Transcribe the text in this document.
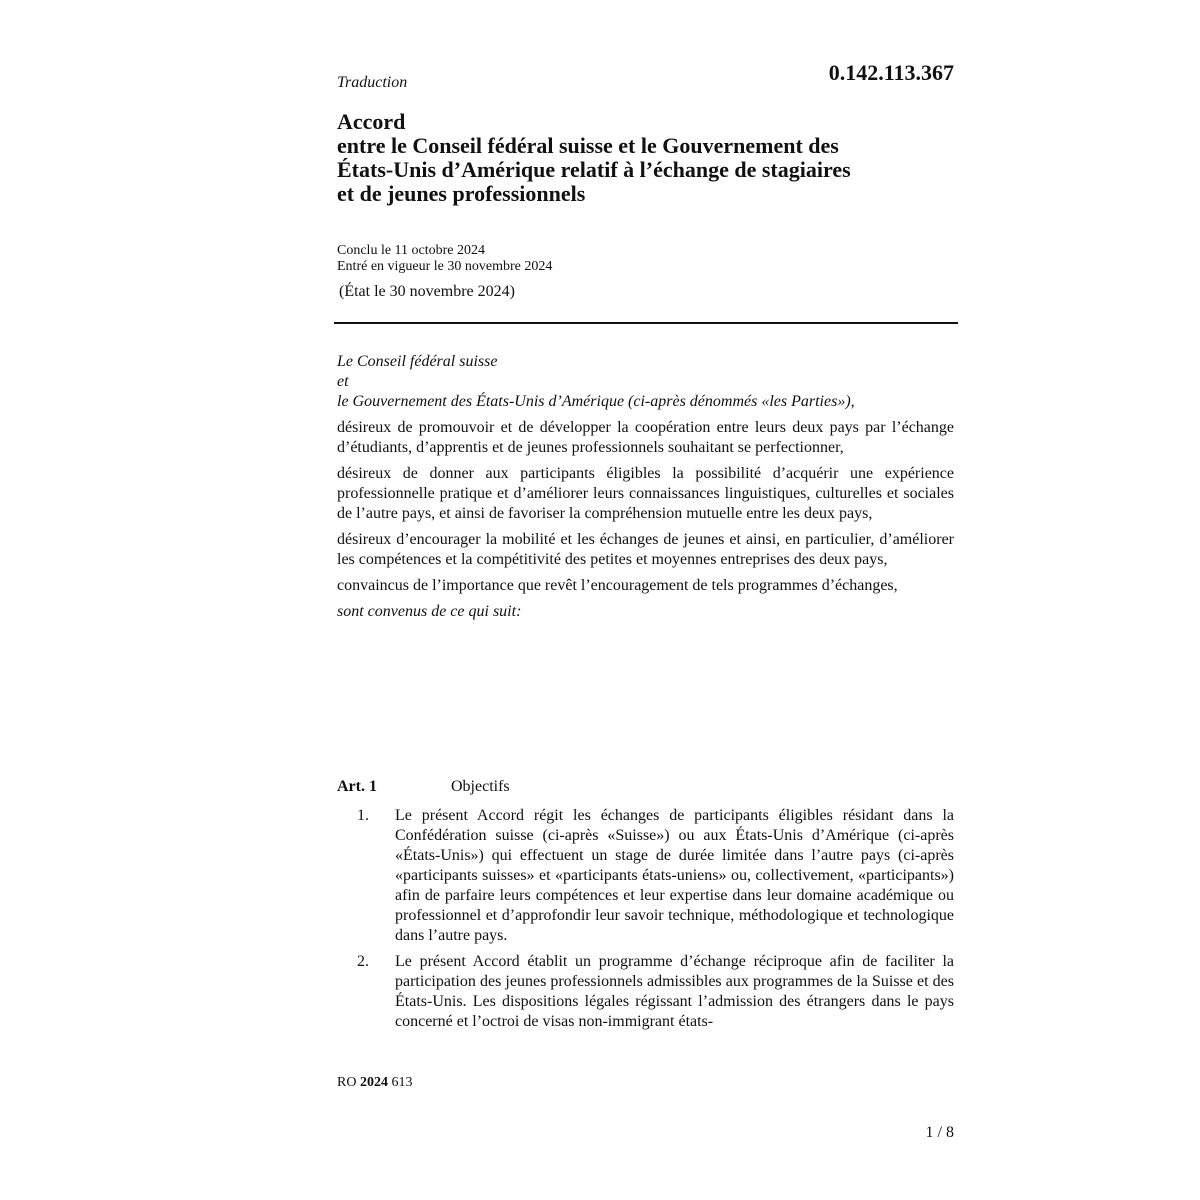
Traduction	0.142.113.367
Accord
entre le Conseil fédéral suisse et le Gouvernement des
États-Unis d’Amérique relatif à l’échange de stagiaires
et de jeunes professionnels
Conclu le 11 octobre 2024
Entré en vigueur le 30 novembre 2024
(État le 30 novembre 2024)
Le Conseil fédéral suisse
et
le Gouvernement des États-Unis d’Amérique (ci-après dénommés «les Parties»),

désireux de promouvoir et de développer la coopération entre leurs deux pays par l’échange d’étudiants, d’apprentis et de jeunes professionnels souhaitant se perfectionner,

désireux de donner aux participants éligibles la possibilité d’acquérir une expérience professionnelle pratique et d’améliorer leurs connaissances linguistiques, culturelles et sociales de l’autre pays, et ainsi de favoriser la compréhension mutuelle entre les deux pays,

désireux d’encourager la mobilité et les échanges de jeunes et ainsi, en particulier, d’améliorer les compétences et la compétitivité des petites et moyennes entreprises des deux pays,

convaincus de l’importance que revêt l’encouragement de tels programmes d’échanges,

sont convenus de ce qui suit:
Art. 1	Objectifs
1.	Le présent Accord régit les échanges de participants éligibles résidant dans la Confédération suisse (ci-après «Suisse») ou aux États-Unis d’Amérique (ci-après «États-Unis») qui effectuent un stage de durée limitée dans l’autre pays (ci-après «participants suisses» et «participants états-uniens» ou, collectivement, «participants») afin de parfaire leurs compétences et leur expertise dans leur domaine académique ou professionnel et d’approfondir leur savoir technique, méthodologique et technologique dans l’autre pays.
2.	Le présent Accord établit un programme d’échange réciproque afin de faciliter la participation des jeunes professionnels admissibles aux programmes de la Suisse et des États-Unis. Les dispositions légales régissant l’admission des étrangers dans le pays concerné et l’octroi de visas non-immigrant états-
RO 2024 613
1 / 8
